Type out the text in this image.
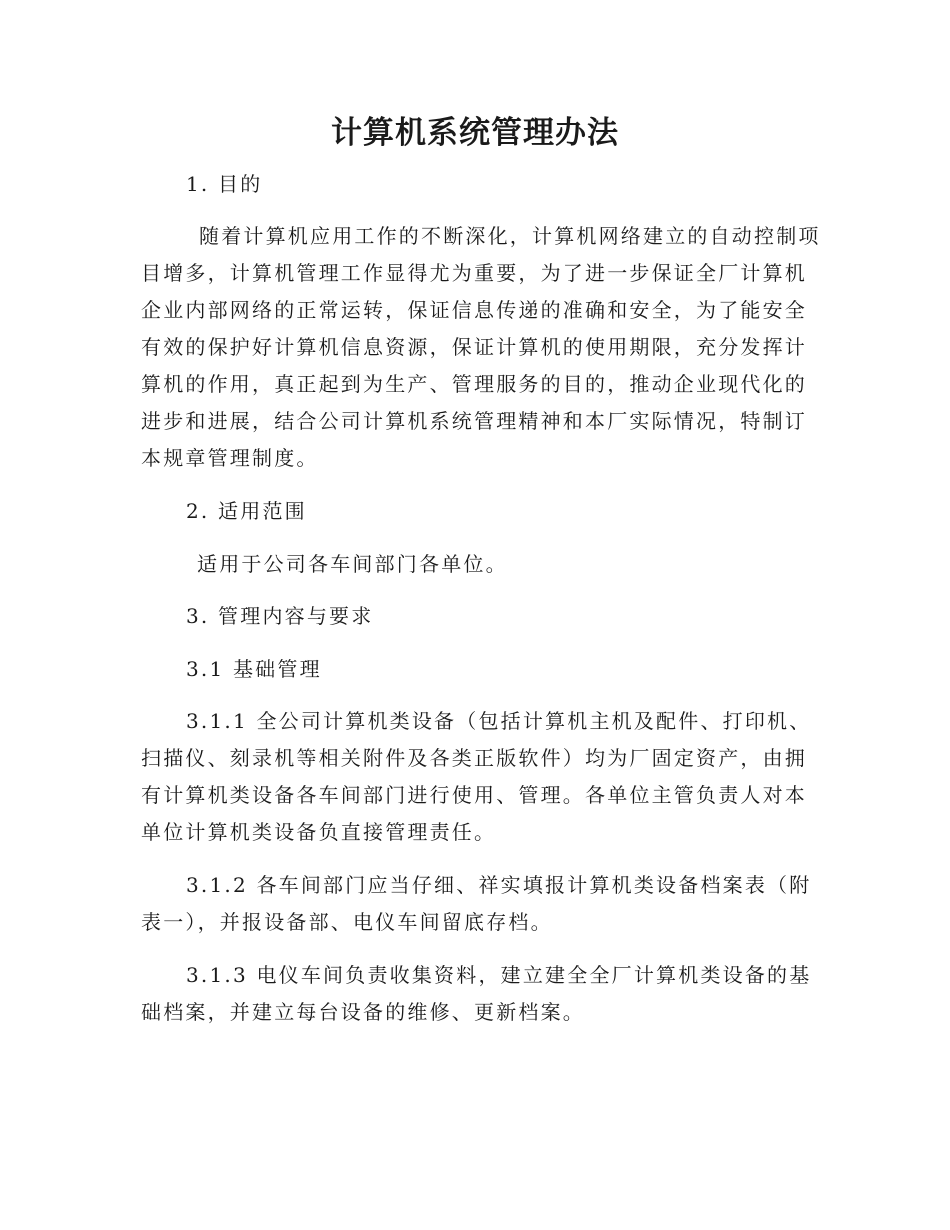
计算机系统管理办法
1. 目的
随着计算机应用工作的不断深化，计算机网络建立的自动控制项
目增多，计算机管理工作显得尤为重要，为了进一步保证全厂计算机
企业内部网络的正常运转，保证信息传递的准确和安全，为了能安全
有效的保护好计算机信息资源，保证计算机的使用期限，充分发挥计
算机的作用，真正起到为生产、管理服务的目的，推动企业现代化的
进步和进展，结合公司计算机系统管理精神和本厂实际情况，特制订
本规章管理制度。
2. 适用范围
适用于公司各车间部门各单位。
3. 管理内容与要求
3.1 基础管理
3.1.1 全公司计算机类设备（包括计算机主机及配件、打印机、
扫描仪、刻录机等相关附件及各类正版软件）均为厂固定资产，由拥
有计算机类设备各车间部门进行使用、管理。各单位主管负责人对本
单位计算机类设备负直接管理责任。
3.1.2 各车间部门应当仔细、祥实填报计算机类设备档案表（附
表一），并报设备部、电仪车间留底存档。
3.1.3 电仪车间负责收集资料，建立建全全厂计算机类设备的基
础档案，并建立每台设备的维修、更新档案。
